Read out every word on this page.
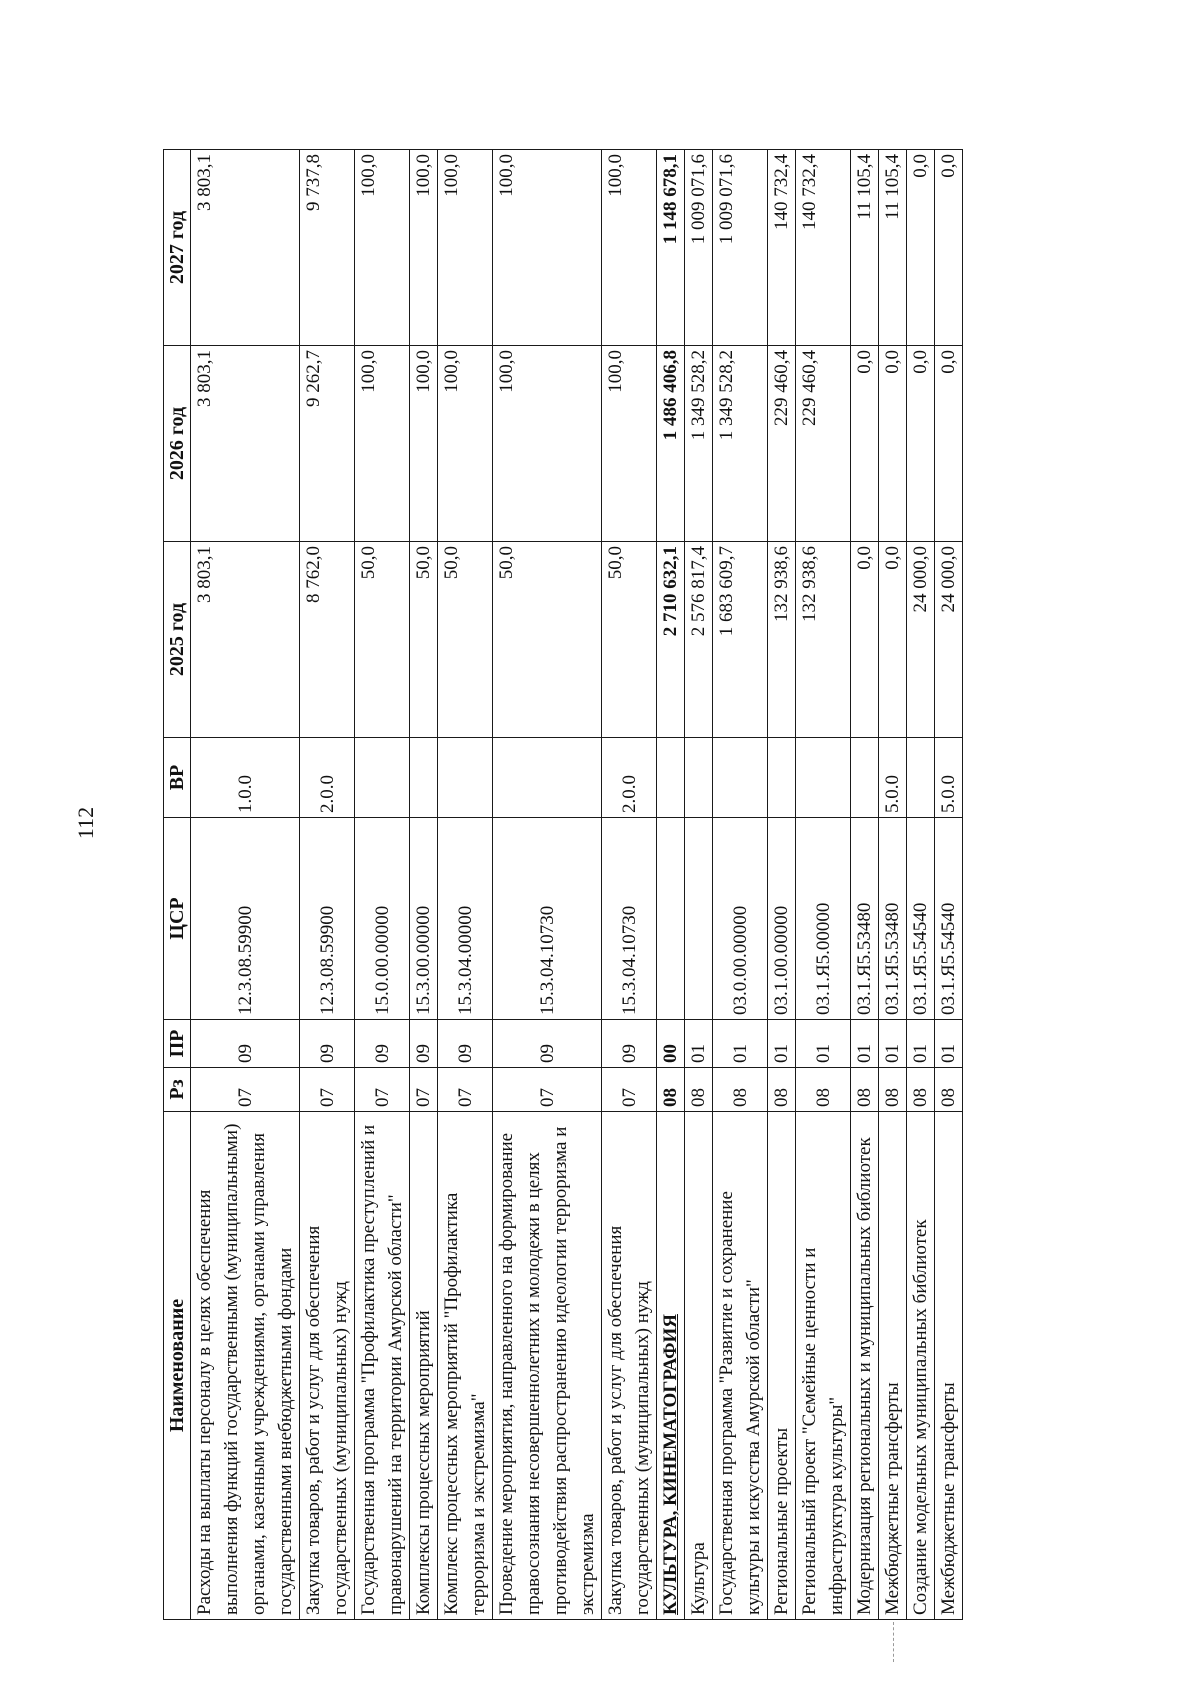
112
Наименование	Рз	ПР	ЦСР	ВР	2025 год	2026 год	2027 год
Расходы на выплаты персоналу в целях обеспечения выполнения функций государственными (муниципальными) органами, казенными учреждениями, органами управления государственными внебюджетными фондами	07	09	12.3.08.59900	1.0.0	3 803,1	3 803,1	3 803,1
Закупка товаров, работ и услуг для обеспечения государственных (муниципальных) нужд	07	09	12.3.08.59900	2.0.0	8 762,0	9 262,7	9 737,8
Государственная программа "Профилактика преступлений и правонарушений на территории Амурской области"	07	09	15.0.00.00000		50,0	100,0	100,0
Комплексы процессных мероприятий	07	09	15.3.00.00000		50,0	100,0	100,0
Комплекс процессных мероприятий "Профилактика терроризма и экстремизма"	07	09	15.3.04.00000		50,0	100,0	100,0
Проведение мероприятия, направленного на формирование правосознания несовершеннолетних и молодежи в целях противодействия распространению идеологии терроризма и экстремизма	07	09	15.3.04.10730		50,0	100,0	100,0
Закупка товаров, работ и услуг для обеспечения государственных (муниципальных) нужд	07	09	15.3.04.10730	2.0.0	50,0	100,0	100,0
КУЛЬТУРА, КИНЕМАТОГРАФИЯ	08	00			2 710 632,1	1 486 406,8	1 148 678,1
Культура	08	01			2 576 817,4	1 349 528,2	1 009 071,6
Государственная программа "Развитие и сохранение культуры и искусства Амурской области"	08	01	03.0.00.00000		1 683 609,7	1 349 528,2	1 009 071,6
Региональные проекты	08	01	03.1.00.00000		132 938,6	229 460,4	140 732,4
Региональный проект "Семейные ценности и инфраструктура культуры"	08	01	03.1.Я5.00000		132 938,6	229 460,4	140 732,4
Модернизация региональных и муниципальных библиотек	08	01	03.1.Я5.53480		0,0	0,0	11 105,4
Межбюджетные трансферты	08	01	03.1.Я5.53480	5.0.0	0,0	0,0	11 105,4
Создание модельных муниципальных библиотек	08	01	03.1.Я5.54540		24 000,0	0,0	0,0
Межбюджетные трансферты	08	01	03.1.Я5.54540	5.0.0	24 000,0	0,0	0,0
